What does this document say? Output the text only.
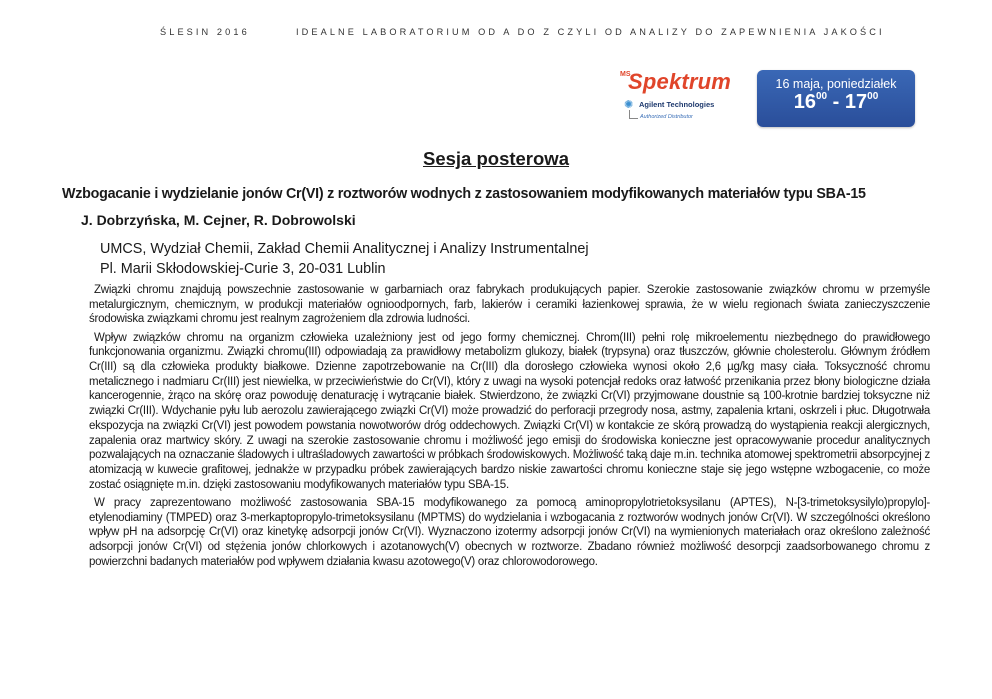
ŚLESIN 2016	IDEALNE LABORATORIUM OD A DO Z CZYLI OD ANALIZY DO ZAPEWNIENIA JAKOŚCI
MS
Spektrum
✺ Agilent Technologies
Authorized Distributor
16 maja, poniedziałek
$16^{00} - 17^{00}$
Sesja posterowa
Wzbogacanie i wydzielanie jonów Cr(VI) z roztworów wodnych z zastosowaniem modyfikowanych materiałów typu SBA-15
J. Dobrzyńska, M. Cejner, R. Dobrowolski
UMCS, Wydział Chemii, Zakład Chemii Analitycznej i Analizy Instrumentalnej
Pl. Marii Skłodowskiej-Curie 3, 20-031 Lublin

Związki chromu znajdują powszechnie zastosowanie w garbarniach oraz fabrykach produkujących papier. Szerokie zastosowanie związków chromu w przemyśle metalurgicznym, chemicznym, w produkcji materiałów ognioodpornych, farb, lakierów i ceramiki łazienkowej sprawia, że w wielu regionach świata zanieczyszczenie środowiska związkami chromu jest realnym zagrożeniem dla zdrowia ludności.

Wpływ związków chromu na organizm człowieka uzależniony jest od jego formy chemicznej. Chrom(III) pełni rolę mikroelementu niezbędnego do prawidłowego funkcjonowania organizmu. Związki chromu(III) odpowiadają za prawidłowy metabolizm glukozy, białek (trypsyna) oraz tłuszczów, głównie cholesterolu. Głównym źródłem Cr(III) są dla człowieka produkty białkowe. Dzienne zapotrzebowanie na Cr(III) dla dorosłego człowieka wynosi około 2,6 µg/kg masy ciała. Toksyczność chromu metalicznego i nadmiaru Cr(III) jest niewielka, w przeciwieństwie do Cr(VI), który z uwagi na wysoki potencjał redoks oraz łatwość przenikania przez błony biologiczne działa kancerogennie, żrąco na skórę oraz powoduję denaturację i wytrącanie białek. Stwierdzono, że związki Cr(VI) przyjmowane doustnie są 100-krotnie bardziej toksyczne niż związki Cr(III). Wdychanie pyłu lub aerozolu zawierającego związki Cr(VI) może prowadzić do perforacji przegrody nosa, astmy, zapalenia krtani, oskrzeli i płuc. Długotrwała ekspozycja na związki Cr(VI) jest powodem powstania nowotworów dróg oddechowych. Związki Cr(VI) w kontakcie ze skórą prowadzą do wystąpienia reakcji alergicznych, zapalenia oraz martwicy skóry. Z uwagi na szerokie zastosowanie chromu i możliwość jego emisji do środowiska konieczne jest opracowywanie procedur analitycznych pozwalających na oznaczanie śladowych i ultraśladowych zawartości w próbkach środowiskowych. Możliwość taką daje m.in. technika atomowej spektrometrii absorpcyjnej z atomizacją w kuwecie grafitowej, jednakże w przypadku próbek zawierających bardzo niskie zawartości chromu konieczne staje się jego wstępne wzbogacenie, co może zostać osiągnięte m.in. dzięki zastosowaniu modyfikowanych materiałów typu SBA-15.

W pracy zaprezentowano możliwość zastosowania SBA-15 modyfikowanego za pomocą aminopropylotrietoksysilanu (APTES), N-[3-trimetoksysilylo)propylo]-etylenodiaminy (TMPED) oraz 3-merkaptopropylo-trimetoksysilanu (MPTMS) do wydzielania i wzbogacania z roztworów wodnych jonów Cr(VI). W szczególności określono wpływ pH na adsorpcję Cr(VI) oraz kinetykę adsorpcji jonów Cr(VI). Wyznaczono izotermy adsorpcji jonów Cr(VI) na wymienionych materiałach oraz określono zależność adsorpcji jonów Cr(VI) od stężenia jonów chlorkowych i azotanowych(V) obecnych w roztworze. Zbadano również możliwość desorpcji zaadsorbowanego chromu z powierzchni badanych materiałów pod wpływem działania kwasu azotowego(V) oraz chlorowodorowego.
